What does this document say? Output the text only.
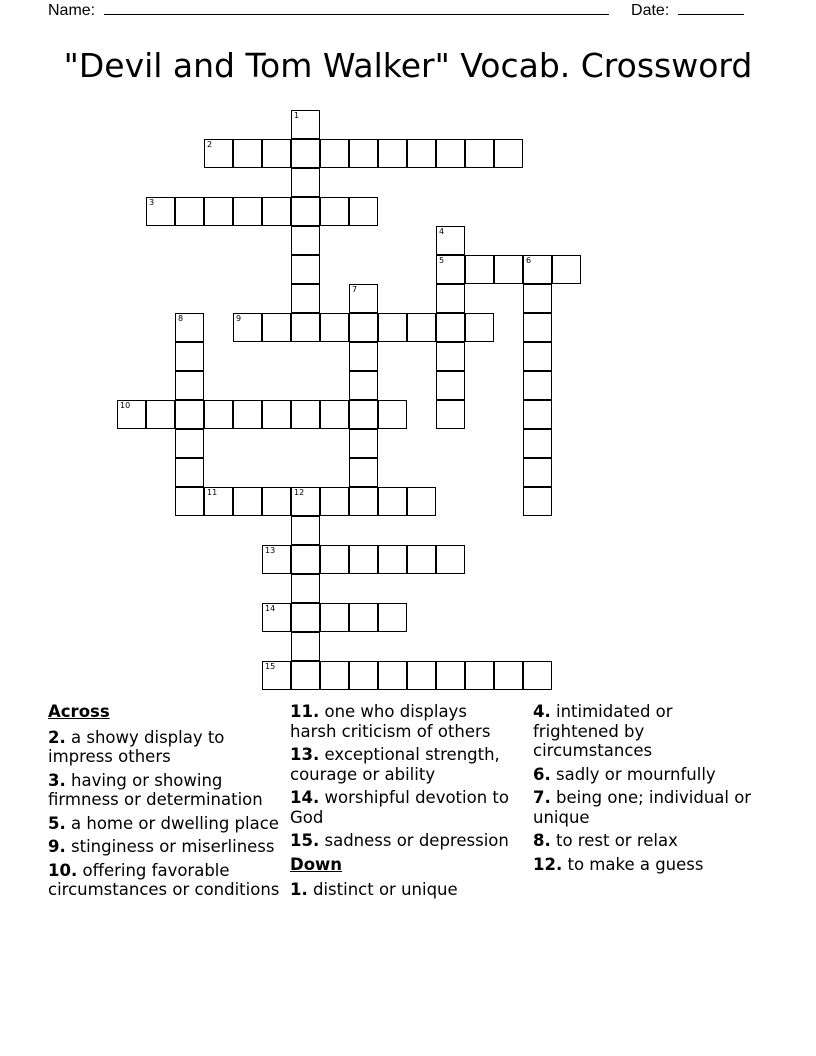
Name:	Date:
"Devil and Tom Walker" Vocab. Crossword
1
2
3
4
5	6
7
8	9
10
11	12
13
14
15
Across
2. a showy display to impress others
3. having or showing firmness or determination
5. a home or dwelling place
9. stinginess or miserliness
10. offering favorable circumstances or conditions
11. one who displays harsh criticism of others
13. exceptional strength, courage or ability
14. worshipful devotion to God
15. sadness or depression
Down
1. distinct or unique
4. intimidated or frightened by circumstances
6. sadly or mournfully
7. being one; individual or unique
8. to rest or relax
12. to make a guess
